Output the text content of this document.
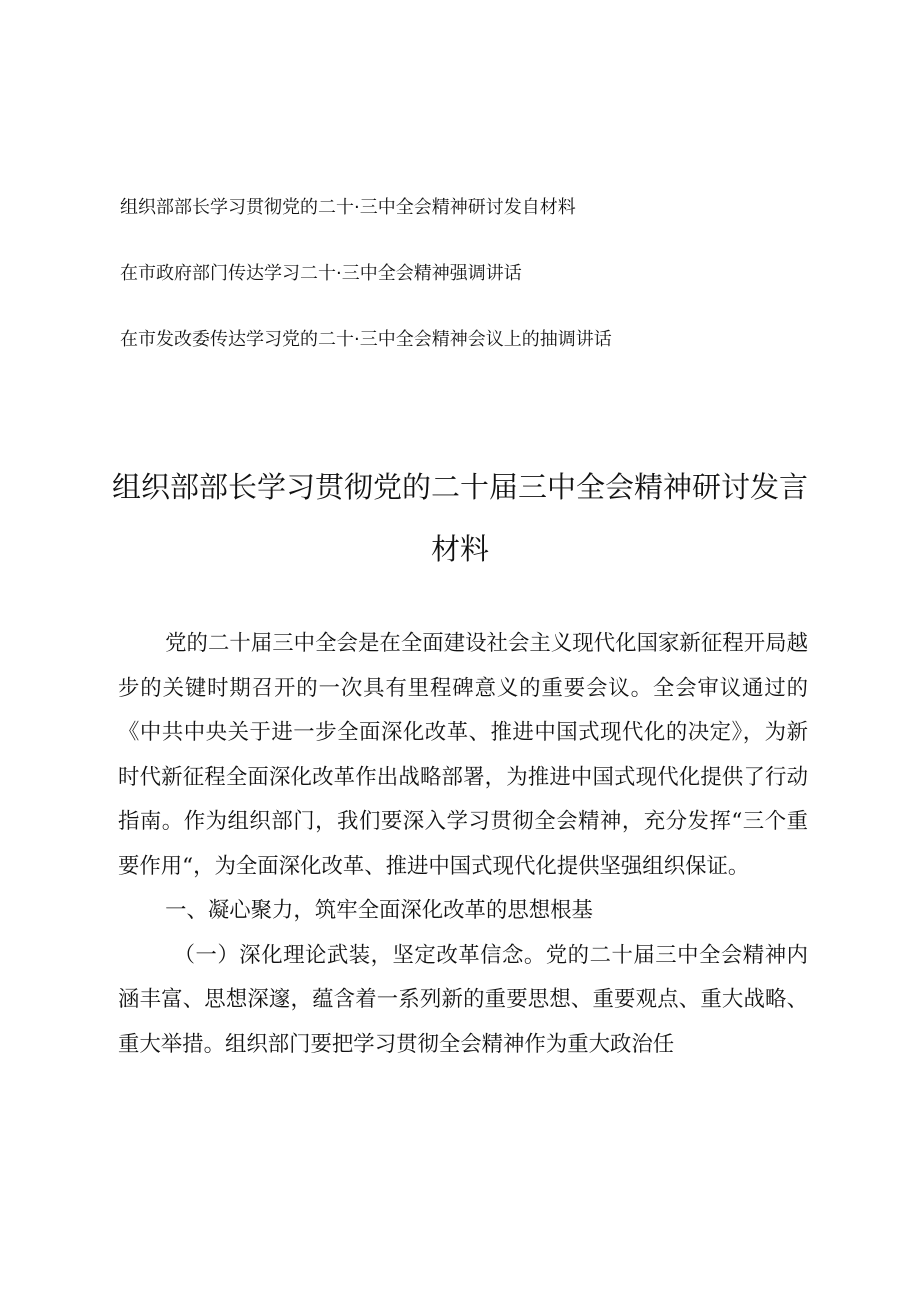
组织部部长学习贯彻党的二十·三中全会精神研讨发自材料
在市政府部门传达学习二十·三中全会精神强调讲话
在市发改委传达学习党的二十·三中全会精神会议上的抽调讲话
组织部部长学习贯彻党的二十届三中全会精神研讨发言
材料

党的二十届三中全会是在全面建设社会主义现代化国家新征程开局越步的关键时期召开的一次具有里程碑意义的重要会议。全会审议通过的《中共中央关于进一步全面深化改革、推进中国式现代化的决定》，为新时代新征程全面深化改革作出战略部署，为推进中国式现代化提供了行动指南。作为组织部门，我们要深入学习贯彻全会精神，充分发挥“三个重要作用“，为全面深化改革、推进中国式现代化提供坚强组织保证。

一、凝心聚力，筑牢全面深化改革的思想根基

（一）深化理论武装，坚定改革信念。党的二十届三中全会精神内涵丰富、思想深邃，蕴含着一系列新的重要思想、重要观点、重大战略、重大举措。组织部门要把学习贯彻全会精神作为重大政治任
